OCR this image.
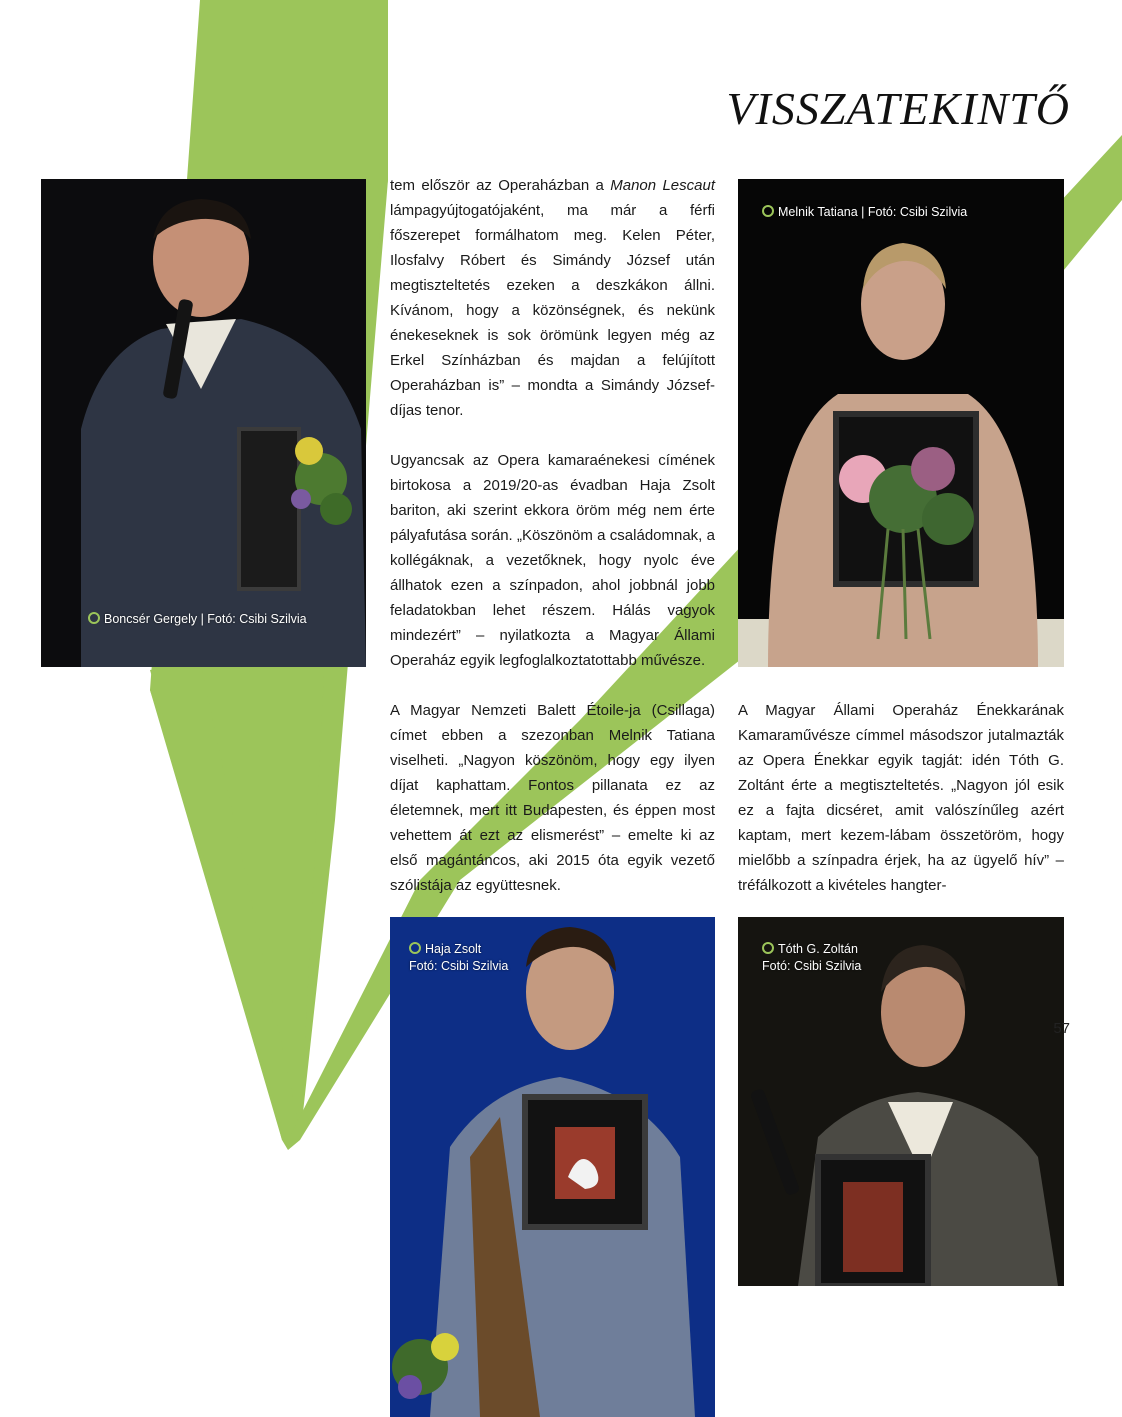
VISSZATEKINTŐ
Boncsér Gergely | Fotó: Csibi Szilvia
Melnik Tatiana | Fotó: Csibi Szilvia
Haja Zsolt
Fotó: Csibi Szilvia
Tóth G. Zoltán
Fotó: Csibi Szilvia

tem először az Operaházban a Manon Lescaut lámpagyújtogatójaként, ma már a férfi főszerepet formálhatom meg. Kelen Péter, Ilosfalvy Róbert és Simándy József után megtiszteltetés ezeken a deszkákon állni. Kívánom, hogy a közönségnek, és nekünk énekeseknek is sok örömünk legyen még az Erkel Színházban és majdan a felújított Operaházban is” – mondta a Simándy József-díjas tenor.

Ugyancsak az Opera kamaraénekesi címének birtokosa a 2019/20-as évadban Haja Zsolt bariton, aki szerint ekkora öröm még nem érte pályafutása során. „Köszönöm a családomnak, a kollégáknak, a vezetőknek, hogy nyolc éve állhatok ezen a színpadon, ahol jobbnál jobb feladatokban lehet részem. Hálás vagyok mindezért” – nyilatkozta a Magyar Állami Operaház egyik legfoglalkoztatottabb művésze.

A Magyar Nemzeti Balett Étoile-ja (Csillaga) címet ebben a szezonban Melnik Tatiana viselheti. „Nagyon köszönöm, hogy egy ilyen díjat kaphattam. Fontos pillanata ez az életemnek, mert itt Budapesten, és éppen most vehettem át ezt az elismerést” – emelte ki az első magántáncos, aki 2015 óta egyik vezető szólistája az együttesnek.

A Magyar Állami Operaház Énekkarának Kamaraművésze címmel másodszor jutalmazták az Opera Énekkar egyik tagját: idén Tóth G. Zoltánt érte a megtiszteltetés. „Nagyon jól esik ez a fajta dicséret, amit valószínűleg azért kaptam, mert kezem-lábam összetöröm, hogy mielőbb a színpadra érjek, ha az ügyelő hív” – tréfálkozott a kivételes hangter-

57
